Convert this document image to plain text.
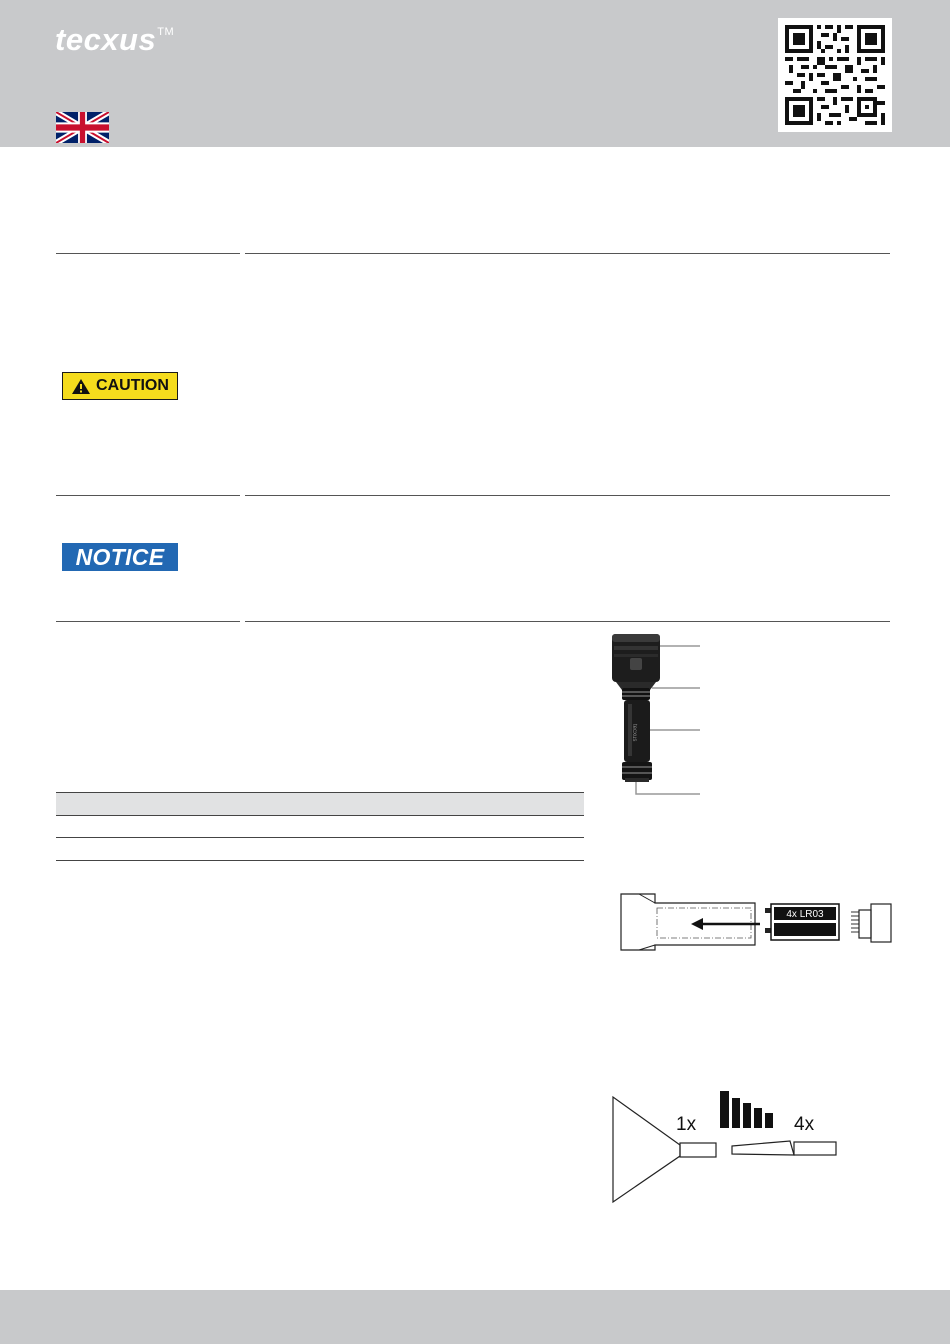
tecxus™
CAUTION
NOTICE
tecxus
4x LR03
1x	4x
